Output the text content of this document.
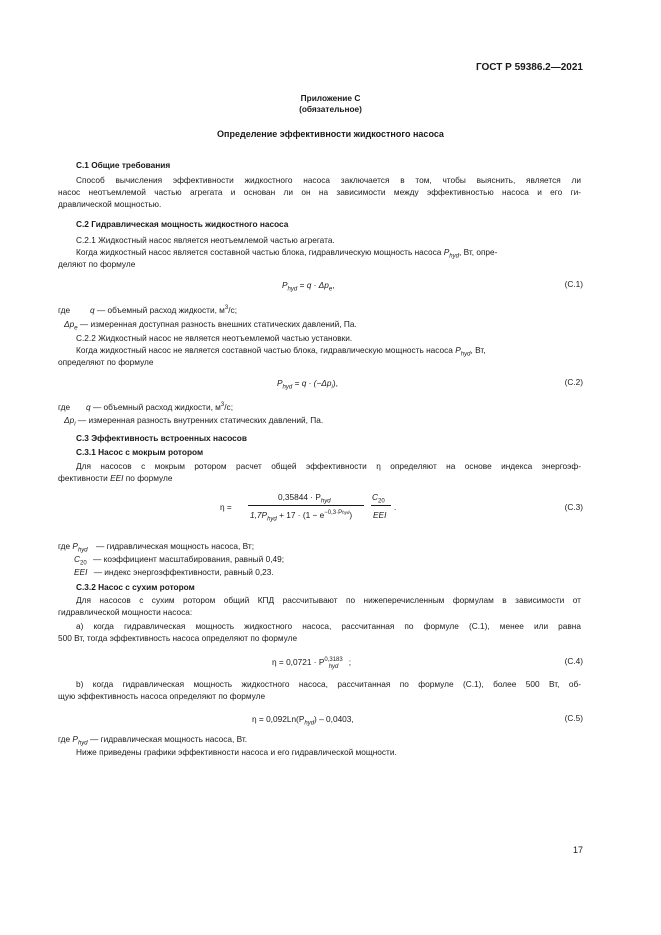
ГОСТ Р 59386.2—2021
Приложение С
(обязательное)
Определение эффективности жидкостного насоса
С.1 Общие требования
Способ вычисления эффективности жидкостного насоса заключается в том, чтобы выяснить, является ли
насос неотъемлемой частью агрегата и основан ли он на зависимости между эффективностью насоса и его ги-
дравлической мощностью.
С.2 Гидравлическая мощность жидкостного насоса
С.2.1 Жидкостный насос является неотъемлемой частью агрегата.
Когда жидкостный насос является составной частью блока, гидравлическую мощность насоса $P_{hyd}$, Вт, опре-
деляют по формуле
$P_{hyd} = q \cdot \Delta p_e$,	(С.1)
где q — объемный расход жидкости, $м^3/с$;
$\Delta p_e$ — измеренная доступная разность внешних статических давлений, Па.
С.2.2 Жидкостный насос не является неотъемлемой частью установки.
Когда жидкостный насос не является составной частью блока, гидравлическую мощность насоса $P_{hyd}$, Вт,
определяют по формуле
$P_{hyd} = q \cdot (-\Delta p_i)$,	(С.2)
где q — объемный расход жидкости, $м^3/с$;
$\Delta p_i$ — измеренная разность внутренних статических давлений, Па.
С.3 Эффективность встроенных насосов
С.3.1 Насос с мокрым ротором
Для насосов с мокрым ротором расчет общей эффективности η определяют на основе индекса энергоэф-
фективности EEI по формуле
η =
$0,35844 \cdot P_{hyd}$
$1,7P_{hyd} + 17 \cdot (1 - e^{-0,3\cdot Phyd})$
$C_{20}$
EEI
.	(С.3)
где $P_{hyd}$ — гидравлическая мощность насоса, Вт;
$C_{20}$ — коэффициент масштабирования, равный 0,49;
EEI — индекс энергоэффективности, равный 0,23.
С.3.2 Насос с сухим ротором
Для насосов с сухим ротором общий КПД рассчитывают по нижеперечисленным формулам в зависимости от
гидравлической мощности насоса:
а) когда гидравлическая мощность жидкостного насоса, рассчитанная по формуле (С.1), менее или равна
500 Вт, тогда эффективность насоса определяют по формуле
$\eta = 0,0721 \cdot P^{0,3183}_{hyd}$ ;	(С.4)
b) когда гидравлическая мощность жидкостного насоса, рассчитанная по формуле (С.1), более 500 Вт, об-
щую эффективность насоса определяют по формуле
$\eta = 0,092Ln(P_{hyd}) - 0,0403$,	(С.5)
где $P_{hyd}$ — гидравлическая мощность насоса, Вт.
Ниже приведены графики эффективности насоса и его гидравлической мощности.
17
